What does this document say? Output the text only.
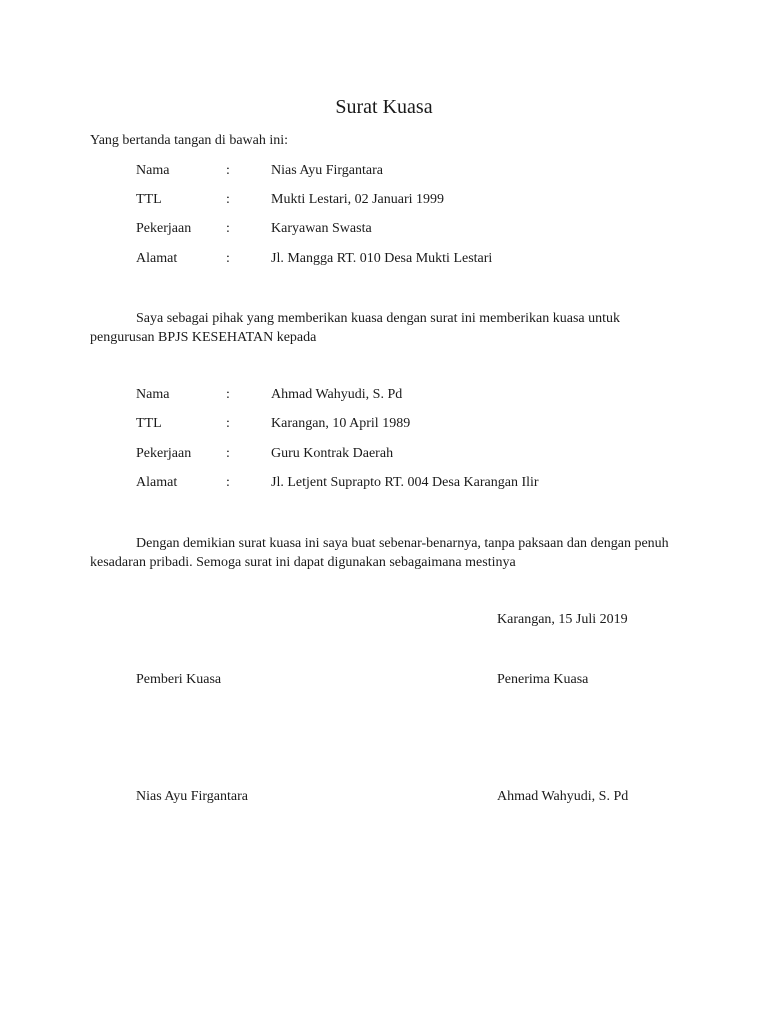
Surat Kuasa
Yang bertanda tangan di bawah ini:
Nama	:	Nias Ayu Firgantara
TTL	:	Mukti Lestari, 02 Januari 1999
Pekerjaan :	Karyawan Swasta
Alamat	:	Jl. Mangga RT. 010 Desa Mukti Lestari
Saya sebagai pihak yang memberikan kuasa dengan surat ini memberikan kuasa untuk pengurusan BPJS KESEHATAN kepada
Nama	:	Ahmad Wahyudi, S. Pd
TTL	:	Karangan, 10 April 1989
Pekerjaan :	Guru Kontrak Daerah
Alamat	:	Jl. Letjent Suprapto RT. 004 Desa Karangan Ilir
Dengan demikian surat kuasa ini saya buat sebenar-benarnya, tanpa paksaan dan dengan penuh kesadaran pribadi. Semoga surat ini dapat digunakan sebagaimana mestinya
Karangan, 15 Juli 2019
Pemberi Kuasa	Penerima Kuasa
Nias Ayu Firgantara	Ahmad Wahyudi, S. Pd
